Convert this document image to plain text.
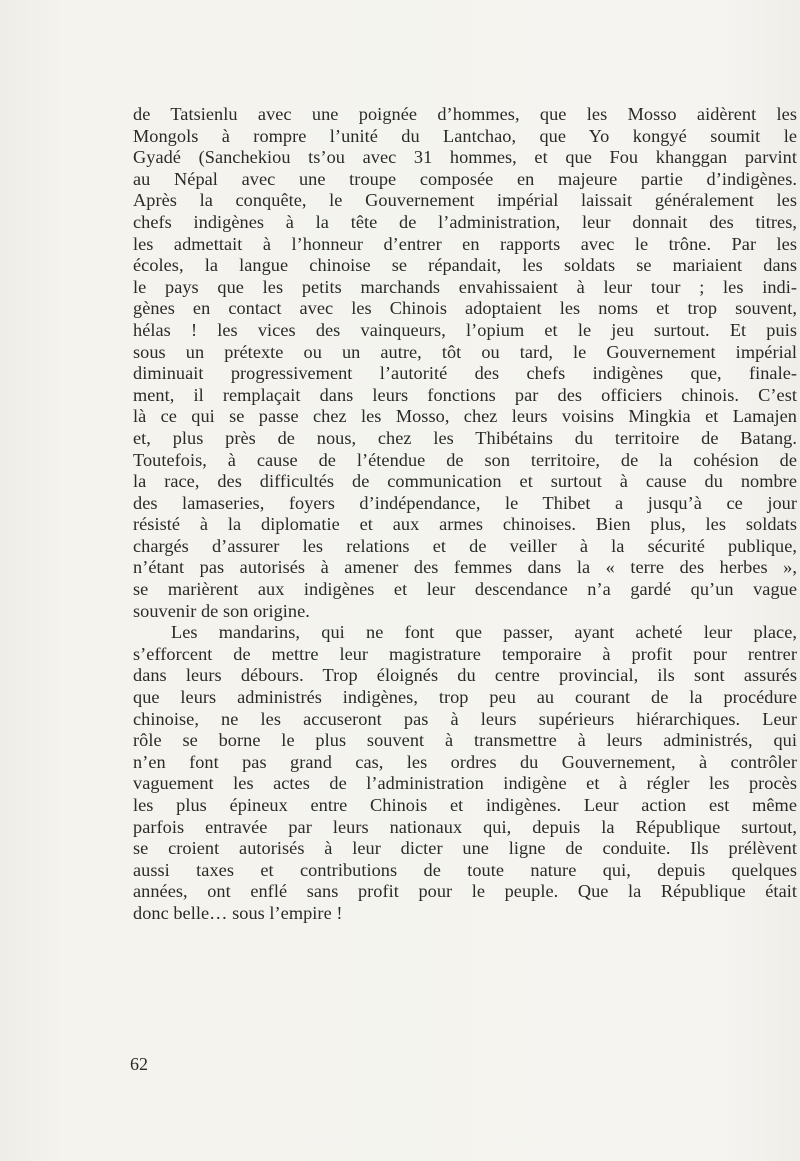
de Tatsienlu avec une poignée d’hommes, que les Mosso aidèrent les
Mongols à rompre l’unité du Lantchao, que Yo kongyé soumit le
Gyadé (Sanchekiou ts’ou avec 31 hommes, et que Fou khanggan parvint
au Népal avec une troupe composée en majeure partie d’indigènes.
Après la conquête, le Gouvernement impérial laissait généralement les
chefs indigènes à la tête de l’administration, leur donnait des titres,
les admettait à l’honneur d’entrer en rapports avec le trône. Par les
écoles, la langue chinoise se répandait, les soldats se mariaient dans
le pays que les petits marchands envahissaient à leur tour ; les indi-
gènes en contact avec les Chinois adoptaient les noms et trop souvent,
hélas ! les vices des vainqueurs, l’opium et le jeu surtout. Et puis
sous un prétexte ou un autre, tôt ou tard, le Gouvernement impérial
diminuait progressivement l’autorité des chefs indigènes que, finale-
ment, il remplaçait dans leurs fonctions par des officiers chinois. C’est
là ce qui se passe chez les Mosso, chez leurs voisins Mingkia et Lamajen
et, plus près de nous, chez les Thibétains du territoire de Batang.
Toutefois, à cause de l’étendue de son territoire, de la cohésion de
la race, des difficultés de communication et surtout à cause du nombre
des lamaseries, foyers d’indépendance, le Thibet a jusqu’à ce jour
résisté à la diplomatie et aux armes chinoises. Bien plus, les soldats
chargés d’assurer les relations et de veiller à la sécurité publique,
n’étant pas autorisés à amener des femmes dans la « terre des herbes »,
se marièrent aux indigènes et leur descendance n’a gardé qu’un vague
souvenir de son origine.
Les mandarins, qui ne font que passer, ayant acheté leur place,
s’efforcent de mettre leur magistrature temporaire à profit pour rentrer
dans leurs débours. Trop éloignés du centre provincial, ils sont assurés
que leurs administrés indigènes, trop peu au courant de la procédure
chinoise, ne les accuseront pas à leurs supérieurs hiérarchiques. Leur
rôle se borne le plus souvent à transmettre à leurs administrés, qui
n’en font pas grand cas, les ordres du Gouvernement, à contrôler
vaguement les actes de l’administration indigène et à régler les procès
les plus épineux entre Chinois et indigènes. Leur action est même
parfois entravée par leurs nationaux qui, depuis la République surtout,
se croient autorisés à leur dicter une ligne de conduite. Ils prélèvent
aussi taxes et contributions de toute nature qui, depuis quelques
années, ont enflé sans profit pour le peuple. Que la République était
donc belle… sous l’empire !
62
